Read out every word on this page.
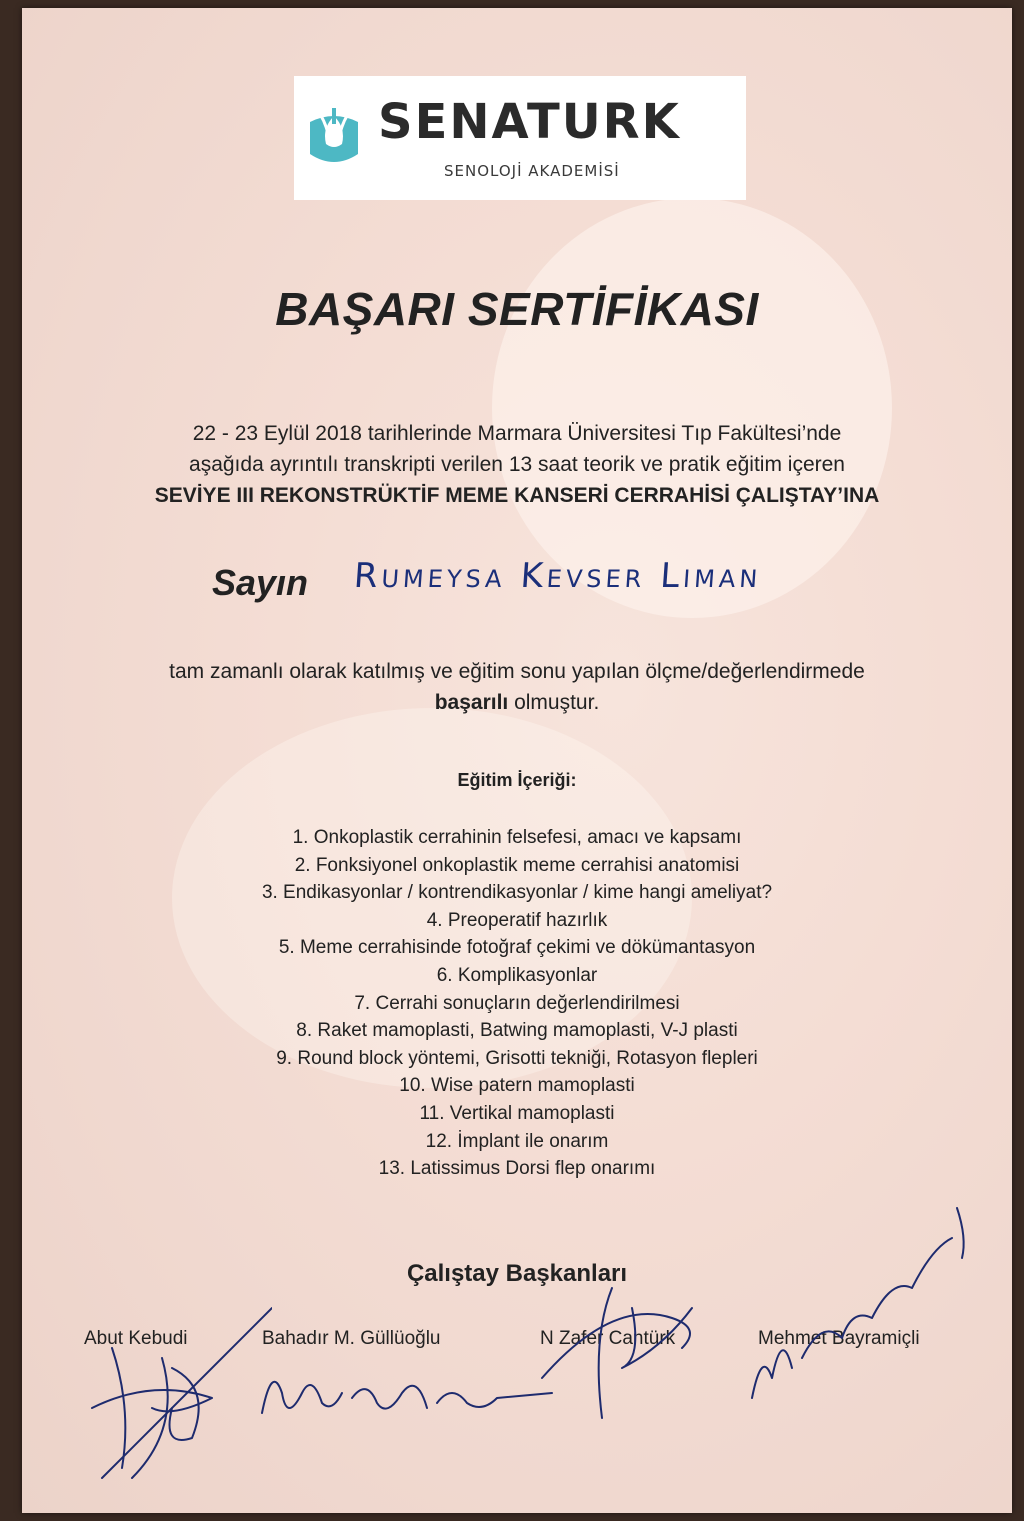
SENATURK
SENOLOJİ AKADEMİSİ
BAŞARI SERTİFİKASI
22 - 23 Eylül 2018 tarihlerinde Marmara Üniversitesi Tıp Fakültesi’nde
aşağıda ayrıntılı transkripti verilen 13 saat teorik ve pratik eğitim içeren
SEVİYE III REKONSTRÜKTİF MEME KANSERİ CERRAHİSİ ÇALIŞTAY’INA
Sayın Rumeysa Kevser Liman
tam zamanlı olarak katılmış ve eğitim sonu yapılan ölçme/değerlendirmede
başarılı olmuştur.
Eğitim İçeriği:
1. Onkoplastik cerrahinin felsefesi, amacı ve kapsamı
2. Fonksiyonel onkoplastik meme cerrahisi anatomisi
3. Endikasyonlar / kontrendikasyonlar / kime hangi ameliyat?
4. Preoperatif hazırlık
5. Meme cerrahisinde fotoğraf çekimi ve dökümantasyon
6. Komplikasyonlar
7. Cerrahi sonuçların değerlendirilmesi
8. Raket mamoplasti, Batwing mamoplasti, V-J plasti
9. Round block yöntemi, Grisotti tekniği, Rotasyon flepleri
10. Wise patern mamoplasti
11. Vertikal mamoplasti
12. İmplant ile onarım
13. Latissimus Dorsi flep onarımı
Çalıştay Başkanları
Abut Kebudi	Bahadır M. Güllüoğlu	N Zafer Cantürk	Mehmet Bayramiçli
